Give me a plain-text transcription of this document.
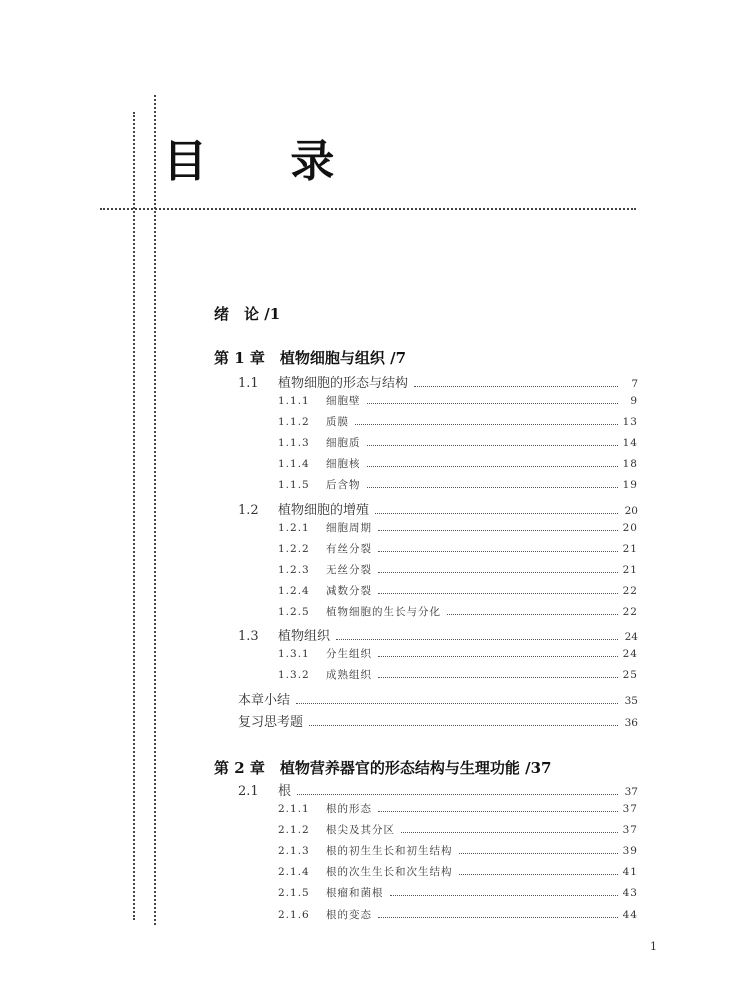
目 录
绪　论 /1
第 1 章　植物细胞与组织 /7
1.1	植物细胞的形态与结构	7
1.1.1	细胞壁	9
1.1.2	质膜	13
1.1.3	细胞质	14
1.1.4	细胞核	18
1.1.5	后含物	19
1.2	植物细胞的增殖	20
1.2.1	细胞周期	20
1.2.2	有丝分裂	21
1.2.3	无丝分裂	21
1.2.4	减数分裂	22
1.2.5	植物细胞的生长与分化	22
1.3	植物组织	24
1.3.1	分生组织	24
1.3.2	成熟组织	25
本章小结	35
复习思考题	36
第 2 章　植物营养器官的形态结构与生理功能 /37
2.1	根	37
2.1.1	根的形态	37
2.1.2	根尖及其分区	37
2.1.3	根的初生生长和初生结构	39
2.1.4	根的次生生长和次生结构	41
2.1.5	根瘤和菌根	43
2.1.6	根的变态	44
1
